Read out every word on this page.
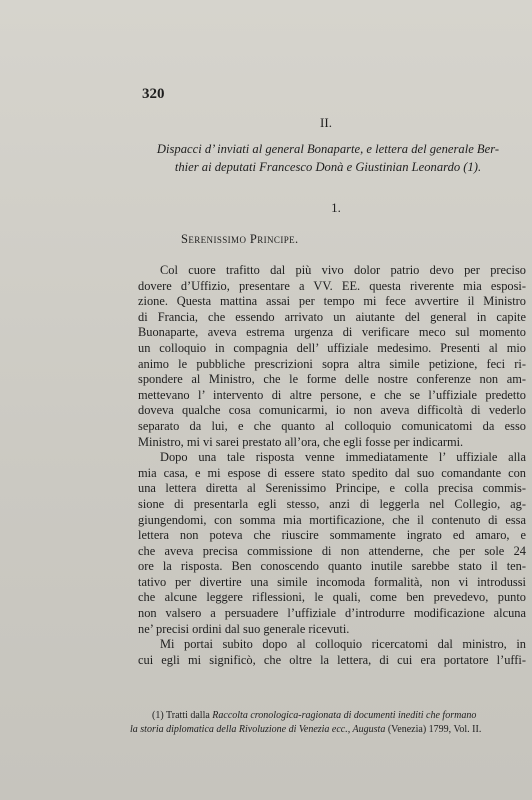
320
II.
Dispacci d’ inviati al general Bonaparte, e lettera del generale Ber-
thier ai deputati Francesco Donà e Giustinian Leonardo (1).
1.
Serenissimo Principe.
Col cuore trafitto dal più vivo dolor patrio devo per preciso
dovere d’Uffizio, presentare a VV. EE. questa riverente mia esposi-
zione. Questa mattina assai per tempo mi fece avvertire il Ministro
di Francia, che essendo arrivato un aiutante del general in capite
Buonaparte, aveva estrema urgenza di verificare meco sul momento
un colloquio in compagnia dell’ uffiziale medesimo. Presenti al mio
animo le pubbliche prescrizioni sopra altra simile petizione, feci ri-
spondere al Ministro, che le forme delle nostre conferenze non am-
mettevano l’ intervento di altre persone, e che se l’uffiziale predetto
doveva qualche cosa comunicarmi, io non aveva difficoltà di vederlo
separato da lui, e che quanto al colloquio comunicatomi da esso
Ministro, mi vi sarei prestato all’ora, che egli fosse per indicarmi.
Dopo una tale risposta venne immediatamente l’ uffiziale alla
mia casa, e mi espose di essere stato spedito dal suo comandante con
una lettera diretta al Serenissimo Principe, e colla precisa commis-
sione di presentarla egli stesso, anzi di leggerla nel Collegio, ag-
giungendomi, con somma mia mortificazione, che il contenuto di essa
lettera non poteva che riuscire sommamente ingrato ed amaro, e
che aveva precisa commissione di non attenderne, che per sole 24
ore la risposta. Ben conoscendo quanto inutile sarebbe stato il ten-
tativo per divertire una simile incomoda formalità, non vi introdussi
che alcune leggere riflessioni, le quali, come ben prevedevo, punto
non valsero a persuadere l’uffiziale d’introdurre modificazione alcuna
ne’ precisi ordini dal suo generale ricevuti.
Mi portai subito dopo al colloquio ricercatomi dal ministro, in
cui egli mi significò, che oltre la lettera, di cui era portatore l’uffi-
(1) Tratti dalla Raccolta cronologica-ragionata di documenti inediti che formano
la storia diplomatica della Rivoluzione di Venezia ecc., Augusta (Venezia) 1799, Vol. II.
